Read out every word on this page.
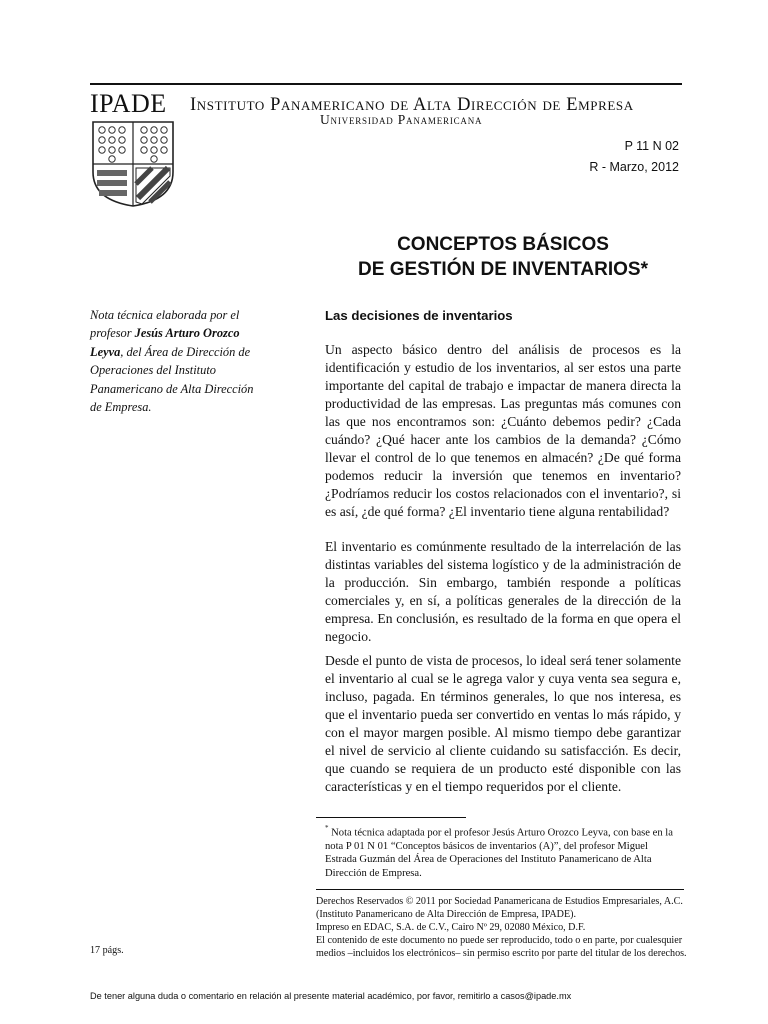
IPADE Instituto Panamericano de Alta Dirección de Empresa
Universidad Panamericana
P 11 N 02
R - Marzo, 2012
CONCEPTOS BÁSICOS
DE GESTIÓN DE INVENTARIOS*
Nota técnica elaborada por el profesor Jesús Arturo Orozco Leyva, del Área de Dirección de Operaciones del Instituto Panamericano de Alta Dirección de Empresa.
Las decisiones de inventarios

Un aspecto básico dentro del análisis de procesos es la identificación y estudio de los inventarios, al ser estos una parte importante del capital de trabajo e impactar de manera directa la productividad de las empresas. Las preguntas más comunes con las que nos encontramos son: ¿Cuánto debemos pedir? ¿Cada cuándo? ¿Qué hacer ante los cambios de la demanda? ¿Cómo llevar el control de lo que tenemos en almacén? ¿De qué forma podemos reducir la inversión que tenemos en inventario? ¿Podríamos reducir los costos relacionados con el inventario?, si es así, ¿de qué forma? ¿El inventario tiene alguna rentabilidad?

El inventario es comúnmente resultado de la interrelación de las distintas variables del sistema logístico y de la administración de la producción. Sin embargo, también responde a políticas comerciales y, en sí, a políticas generales de la dirección de la empresa. En conclusión, es resultado de la forma en que opera el negocio.

Desde el punto de vista de procesos, lo ideal será tener solamente el inventario al cual se le agrega valor y cuya venta sea segura e, incluso, pagada. En términos generales, lo que nos interesa, es que el inventario pueda ser convertido en ventas lo más rápido, y con el mayor margen posible. Al mismo tiempo debe garantizar el nivel de servicio al cliente cuidando su satisfacción. Es decir, que cuando se requiera de un producto esté disponible con las características y en el tiempo requeridos por el cliente.

* Nota técnica adaptada por el profesor Jesús Arturo Orozco Leyva, con base en la nota P 01 N 01 “Conceptos básicos de inventarios (A)”, del profesor Miguel Estrada Guzmán del Área de Operaciones del Instituto Panamericano de Alta Dirección de Empresa.

Derechos Reservados © 2011 por Sociedad Panamericana de Estudios Empresariales, A.C.
(Instituto Panamericano de Alta Dirección de Empresa, IPADE).
Impreso en EDAC, S.A. de C.V., Cairo Nº 29, 02080 México, D.F.
El contenido de este documento no puede ser reproducido, todo o en parte, por cualesquier
medios –incluidos los electrónicos– sin permiso escrito por parte del titular de los derechos.
17 págs.
De tener alguna duda o comentario en relación al presente material académico, por favor, remitirlo a casos@ipade.mx
